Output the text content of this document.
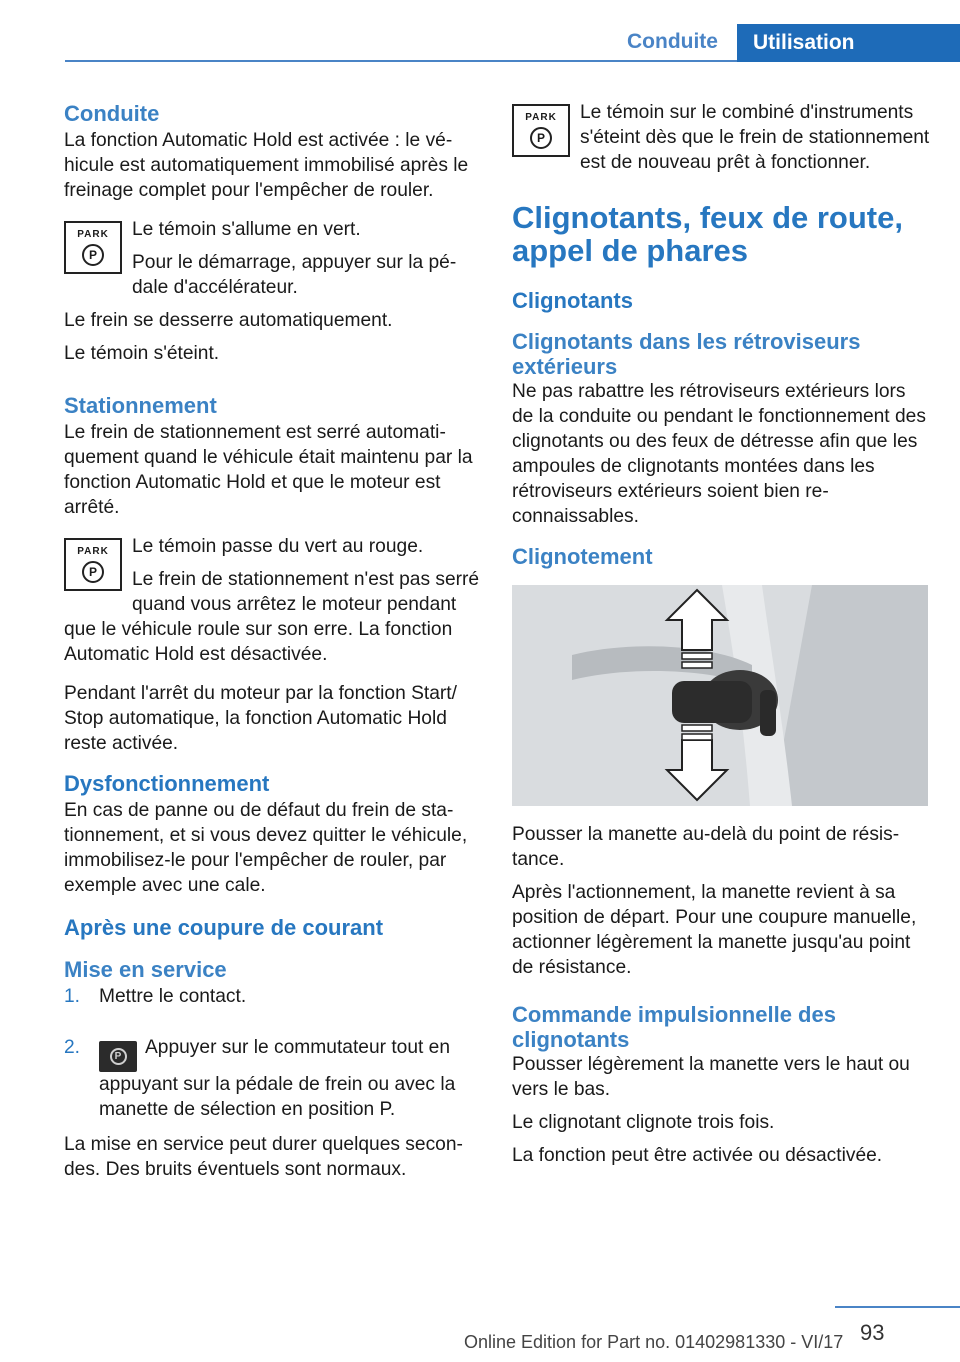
Conduite	Utilisation
Conduite

La fonction Automatic Hold est activée : le véhicule est automatiquement immobilisé après le freinage complet pour l'empêcher de rouler.

PARK
P

Le témoin s'allume en vert.

Pour le démarrage, appuyer sur la pédale d'accélérateur.

Le frein se desserre automatiquement.

Le témoin s'éteint.

Stationnement

Le frein de stationnement est serré automatiquement quand le véhicule était maintenu par la fonction Automatic Hold et que le moteur est arrêté.

PARK
P

Le témoin passe du vert au rouge.

Le frein de stationnement n'est pas serré quand vous arrêtez le moteur pendant que le véhicule roule sur son erre. La fonction Automatic Hold est désactivée.

Pendant l'arrêt du moteur par la fonction Start/ Stop automatique, la fonction Automatic Hold reste activée.

Dysfonctionnement

En cas de panne ou de défaut du frein de stationnement, et si vous devez quitter le véhicule, immobilisez-le pour l'empêcher de rouler, par exemple avec une cale.

Après une coupure de courant
Mise en service
1. Mettre le contact.
2.	P Appuyer sur le commutateur tout en appuyant sur la pédale de frein ou avec la manette de sélection en position P.

La mise en service peut durer quelques secondes. Des bruits éventuels sont normaux.

PARK
P

Le témoin sur le combiné d'instruments s'éteint dès que le frein de stationnement est de nouveau prêt à fonctionner.

Clignotants, feux de route, appel de phares
Clignotants
Clignotants dans les rétroviseurs extérieurs

Ne pas rabattre les rétroviseurs extérieurs lors de la conduite ou pendant le fonctionnement des clignotants ou des feux de détresse afin que les ampoules de clignotants montées dans les rétroviseurs extérieurs soient bien reconnaissables.

Clignotement

Pousser la manette au-delà du point de résistance.

Après l'actionnement, la manette revient à sa position de départ. Pour une coupure manuelle, actionner légèrement la manette jusqu'au point de résistance.

Commande impulsionnelle des clignotants

Pousser légèrement la manette vers le haut ou vers le bas.

Le clignotant clignote trois fois.

La fonction peut être activée ou désactivée.

93
Online Edition for Part no. 01402981330 - VI/17
